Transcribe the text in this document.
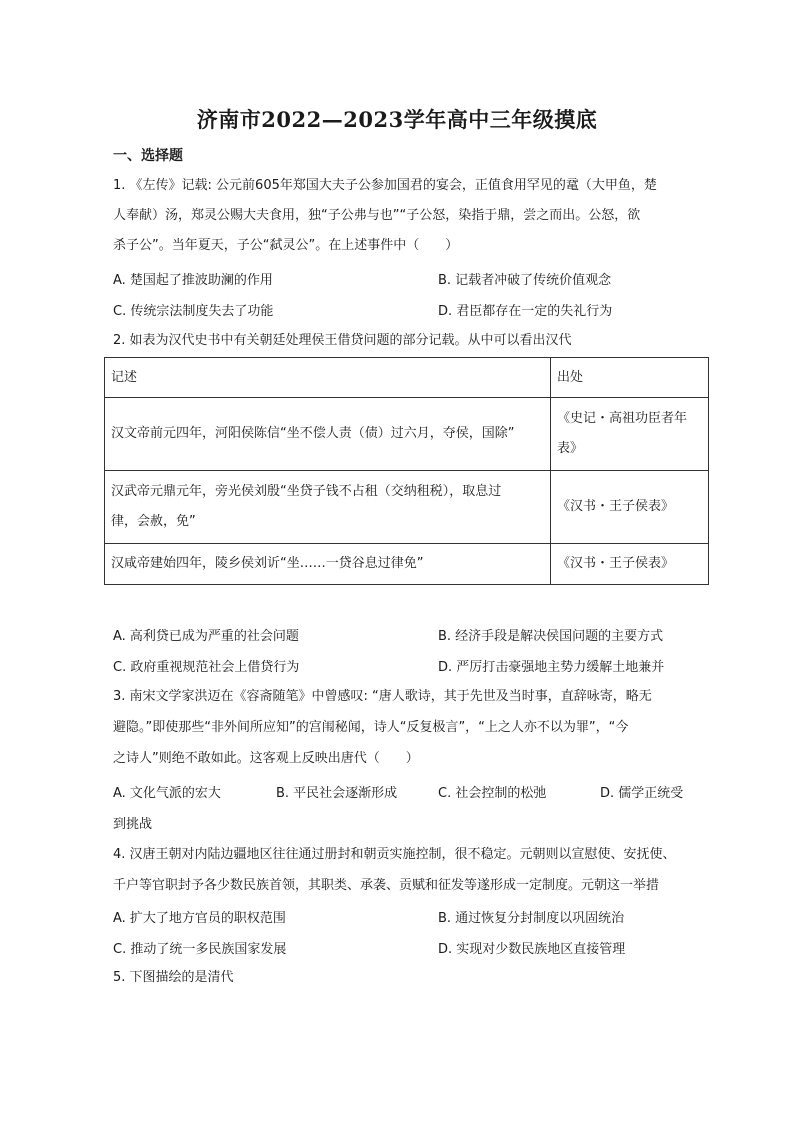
济南市2022—2023学年高中三年级摸底
一、选择题
1. 《左传》记载: 公元前605年郑国大夫子公参加国君的宴会，正值食用罕见的鼋（大甲鱼，楚
人奉献）汤，郑灵公赐大夫食用，独“子公弗与也”“子公怒，染指于鼎，尝之而出。公怒，欲
杀子公”。当年夏天，子公“弑灵公”。在上述事件中（　　）
A. 楚国起了推波助澜的作用	B. 记载者冲破了传统价值观念
C. 传统宗法制度失去了功能	D. 君臣都存在一定的失礼行为
2. 如表为汉代史书中有关朝廷处理侯王借贷问题的部分记载。从中可以看出汉代
记述	出处

汉文帝前元四年，河阳侯陈信“坐不偿人责（债）过六月，夺侯，国除”	《史记・高祖功臣者年
表》

汉武帝元鼎元年，旁光侯刘殷“坐贷子钱不占租（交纳租税），取息过
律，会赦，免”	《汉书・王子侯表》

汉咸帝建始四年，陵乡侯刘䜣“坐……一贷谷息过律免”	《汉书・王子侯表》
A. 高利贷已成为严重的社会问题	B. 经济手段是解决侯国问题的主要方式
C. 政府重视规范社会上借贷行为	D. 严厉打击豪强地主势力缓解土地兼并
3. 南宋文学家洪迈在《容斋随笔》中曾感叹: “唐人歌诗，其于先世及当时事，直辞咏寄，略无
避隐。”即使那些“非外间所应知”的宫闱秘闻，诗人“反复极言”，“上之人亦不以为罪”，“今
之诗人”则绝不敢如此。这客观上反映出唐代（　　）
A. 文化气派的宏大	B. 平民社会逐渐形成	C. 社会控制的松弛	D. 儒学正统受
到挑战
4. 汉唐王朝对内陆边疆地区往往通过册封和朝贡实施控制，很不稳定。元朝则以宣慰使、安抚使、
千户等官职封予各少数民族首领，其职类、承袭、贡赋和征发等遂形成一定制度。元朝这一举措
A. 扩大了地方官员的职权范围	B. 通过恢复分封制度以巩固统治
C. 推动了统一多民族国家发展	D. 实现对少数民族地区直接管理
5. 下图描绘的是清代
